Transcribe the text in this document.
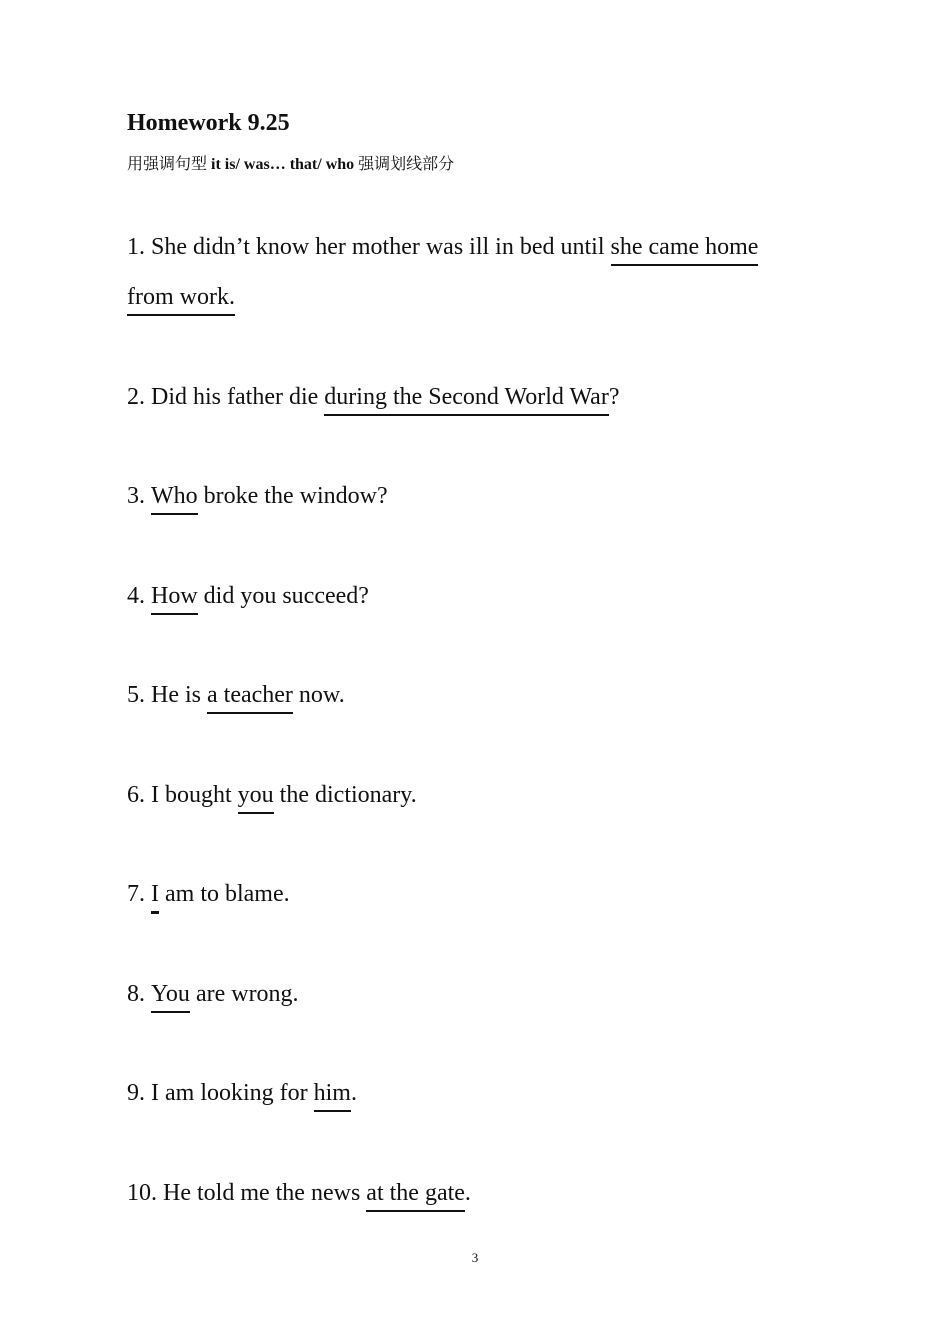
Homework 9.25
用强调句型 it is/ was… that/ who 强调划线部分
1. She didn’t know her mother was ill in bed until she came home
from work.
2. Did his father die during the Second World War?
3. Who broke the window?
4. How did you succeed?
5. He is a teacher now.
6. I bought you the dictionary.
7. I am to blame.
8. You are wrong.
9. I am looking for him.
10. He told me the news at the gate.
3
